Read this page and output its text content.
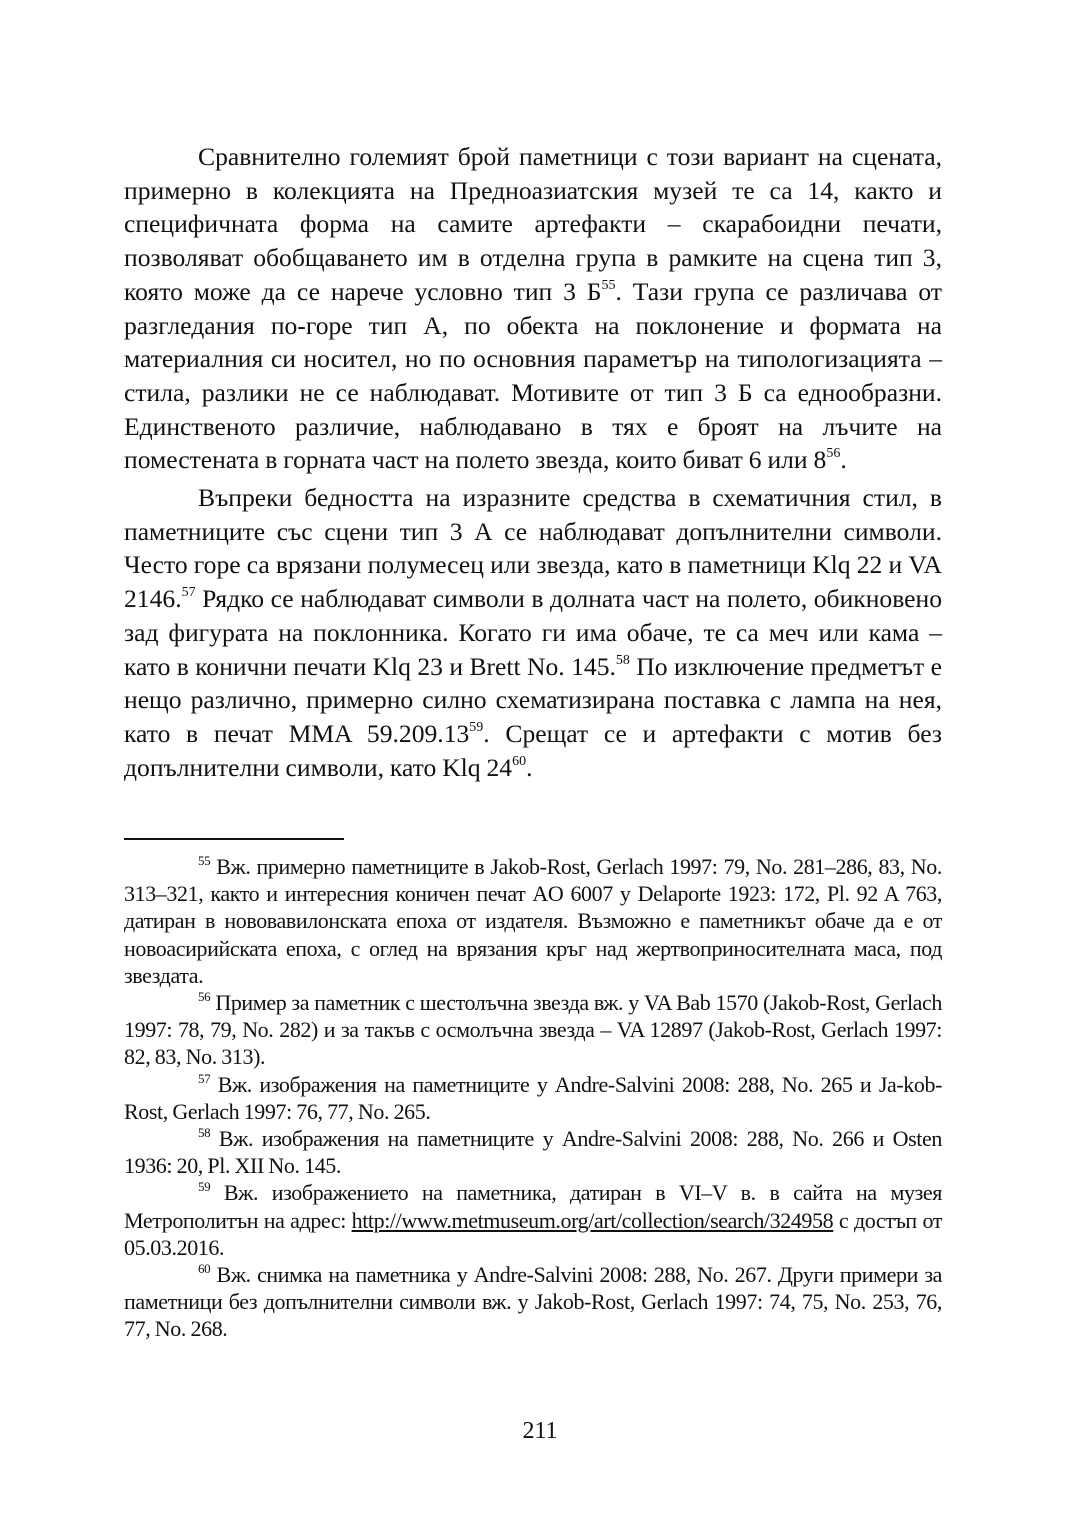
Сравнително големият брой паметници с този вариант на сцената, примерно в колекцията на Предноазиатския музей те са 14, както и специфичната форма на самите артефакти – скарабоидни печати, позволяват обобщаването им в отделна група в рамките на сцена тип 3, която може да се нарече условно тип 3 $Б^{55}$. Тази група се различава от разгледания по-горе тип А, по обекта на поклонение и формата на материалния си носител, но по основния параметър на типологизацията – стила, разлики не се наблюдават. Мотивите от тип 3 Б са еднообразни. Единственото различие, наблюдавано в тях е броят на лъчите на поместената в горната част на полето звезда, които биват 6 или $8^{56}$.

Въпреки бедността на изразните средства в схематичния стил, в паметниците със сцени тип 3 А се наблюдават допълнителни символи. Често горе са врязани полумесец или звезда, като в паметници Klq 22 и VA 2146.57 Рядко се наблюдават символи в долната част на полето, обикновено зад фигурата на поклонника. Когато ги има обаче, те са меч или кама – като в конични печати Klq 23 и Brett No. 145.58 По изключение предметът е нещо различно, примерно силно схематизирана поставка с лампа на нея, като в печат MMA 59.209.13$^{59}$. Срещат се и артефакти с мотив без допълнителни символи, като Klq $24^{60}$.

$^{55}$ Вж. примерно паметниците в Jakob-Rost, Gerlach 1997: 79, No. 281–286, 83, No. 313–321, както и интересния коничен печат AO 6007 у Delaporte 1923: 172, Pl. 92 A 763, датиран в нововавилонската епоха от издателя. Възможно е паметникът обаче да е от новоасирийската епоха, с оглед на врязания кръг над жертвоприносителната маса, под звездата.

$^{56}$ Пример за паметник с шестолъчна звезда вж. у VA Bab 1570 (Jakob-Rost, Gerlach 1997: 78, 79, No. 282) и за такъв с осмолъчна звезда – VA 12897 (Jakob-Rost, Gerlach 1997: 82, 83, No. 313).

$^{57}$ Вж. изображения на паметниците у Andre-Salvini 2008: 288, No. 265 и Ja-kob-Rost, Gerlach 1997: 76, 77, No. 265.

$^{58}$ Вж. изображения на паметниците у Andre-Salvini 2008: 288, No. 266 и Osten 1936: 20, Pl. XII No. 145.

$^{59}$ Вж. изображението на паметника, датиран в VI–V в. в сайта на музея Метрополитън на адрес: http://www.metmuseum.org/art/collection/search/324958 с достъп от 05.03.2016.

$^{60}$ Вж. снимка на паметника у Andre-Salvini 2008: 288, No. 267. Други примери за паметници без допълнителни символи вж. у Jakob-Rost, Gerlach 1997: 74, 75, No. 253, 76, 77, No. 268.

211
